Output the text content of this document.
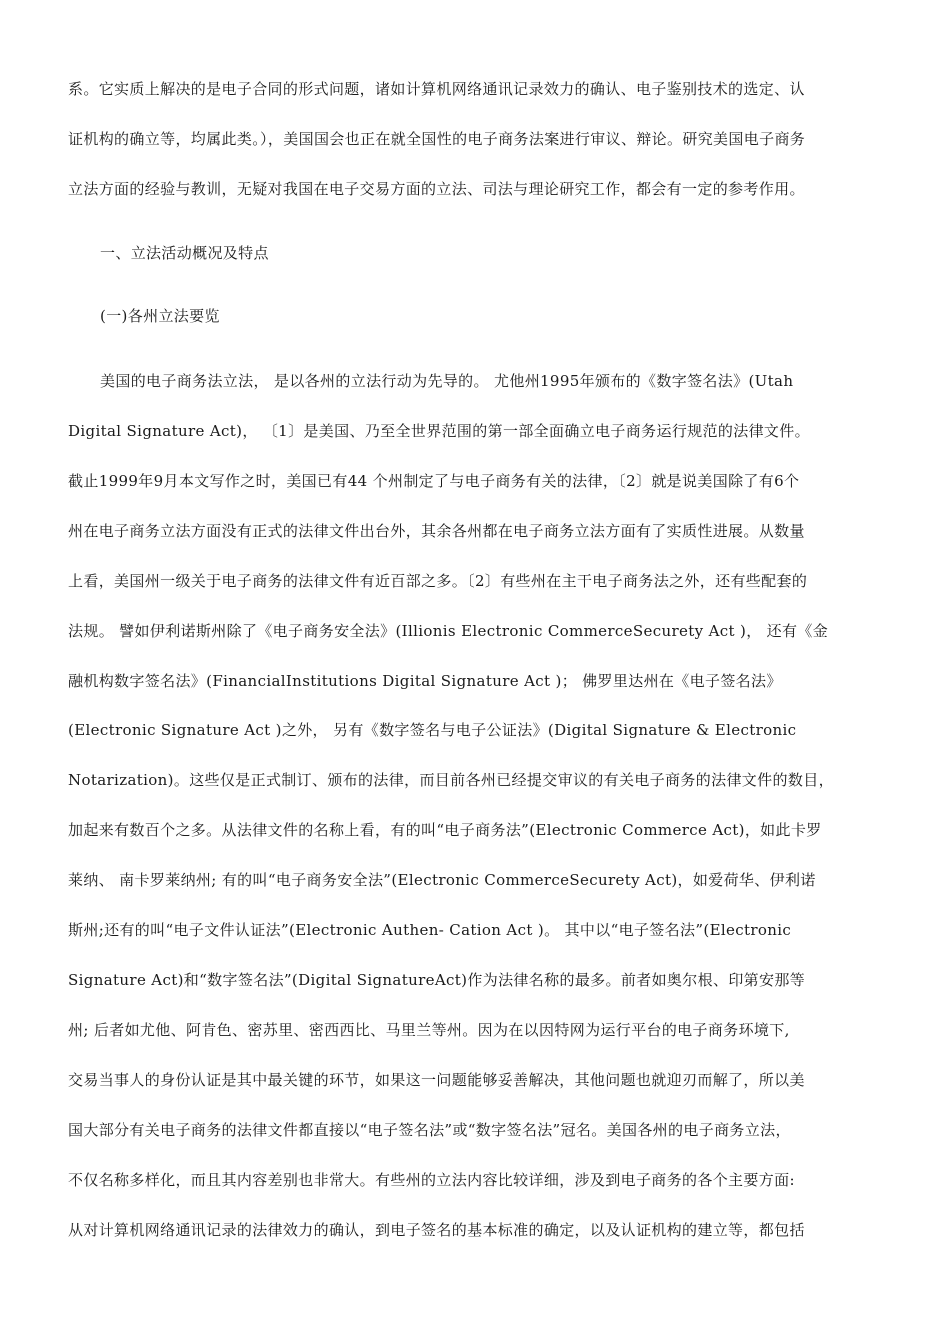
系。它实质上解决的是电子合同的形式问题，诸如计算机网络通讯记录效力的确认、电子鉴别技术的选定、认
证机构的确立等，均属此类。），美国国会也正在就全国性的电子商务法案进行审议、辩论。研究美国电子商务
立法方面的经验与教训，无疑对我国在电子交易方面的立法、司法与理论研究工作，都会有一定的参考作用。
一、立法活动概况及特点
(一)各州立法要览
美国的电子商务法立法， 是以各州的立法行动为先导的。 尤他州1995年颁布的《数字签名法》(Utah
Digital Signature Act)， 〔1〕是美国、乃至全世界范围的第一部全面确立电子商务运行规范的法律文件。
截止1999年9月本文写作之时，美国已有44 个州制定了与电子商务有关的法律，〔2〕就是说美国除了有6个
州在电子商务立法方面没有正式的法律文件出台外，其余各州都在电子商务立法方面有了实质性进展。从数量
上看，美国州一级关于电子商务的法律文件有近百部之多。〔2〕有些州在主干电子商务法之外，还有些配套的
法规。 譬如伊利诺斯州除了《电子商务安全法》(Illionis Electronic CommerceSecurety Act )， 还有《金
融机构数字签名法》(FinancialInstitutions Digital Signature Act )； 佛罗里达州在《电子签名法》
(Electronic Signature Act )之外， 另有《数字签名与电子公证法》(Digital Signature & Electronic
Notarization)。这些仅是正式制订、颁布的法律，而目前各州已经提交审议的有关电子商务的法律文件的数目，
加起来有数百个之多。从法律文件的名称上看，有的叫“电子商务法”(Electronic Commerce Act)，如此卡罗
莱纳、 南卡罗莱纳州; 有的叫“电子商务安全法”(Electronic CommerceSecurety Act)，如爱荷华、伊利诺
斯州;还有的叫“电子文件认证法”(Electronic Authen- Cation Act )。 其中以“电子签名法”(Electronic
Signature Act)和“数字签名法”(Digital SignatureAct)作为法律名称的最多。前者如奥尔根、印第安那等
州; 后者如尤他、阿肯色、密苏里、密西西比、马里兰等州。因为在以因特网为运行平台的电子商务环境下,
交易当事人的身份认证是其中最关键的环节，如果这一问题能够妥善解决，其他问题也就迎刃而解了，所以美
国大部分有关电子商务的法律文件都直接以“电子签名法”或“数字签名法”冠名。美国各州的电子商务立法，
不仅名称多样化，而且其内容差别也非常大。有些州的立法内容比较详细，涉及到电子商务的各个主要方面:
从对计算机网络通讯记录的法律效力的确认，到电子签名的基本标准的确定，以及认证机构的建立等，都包括
